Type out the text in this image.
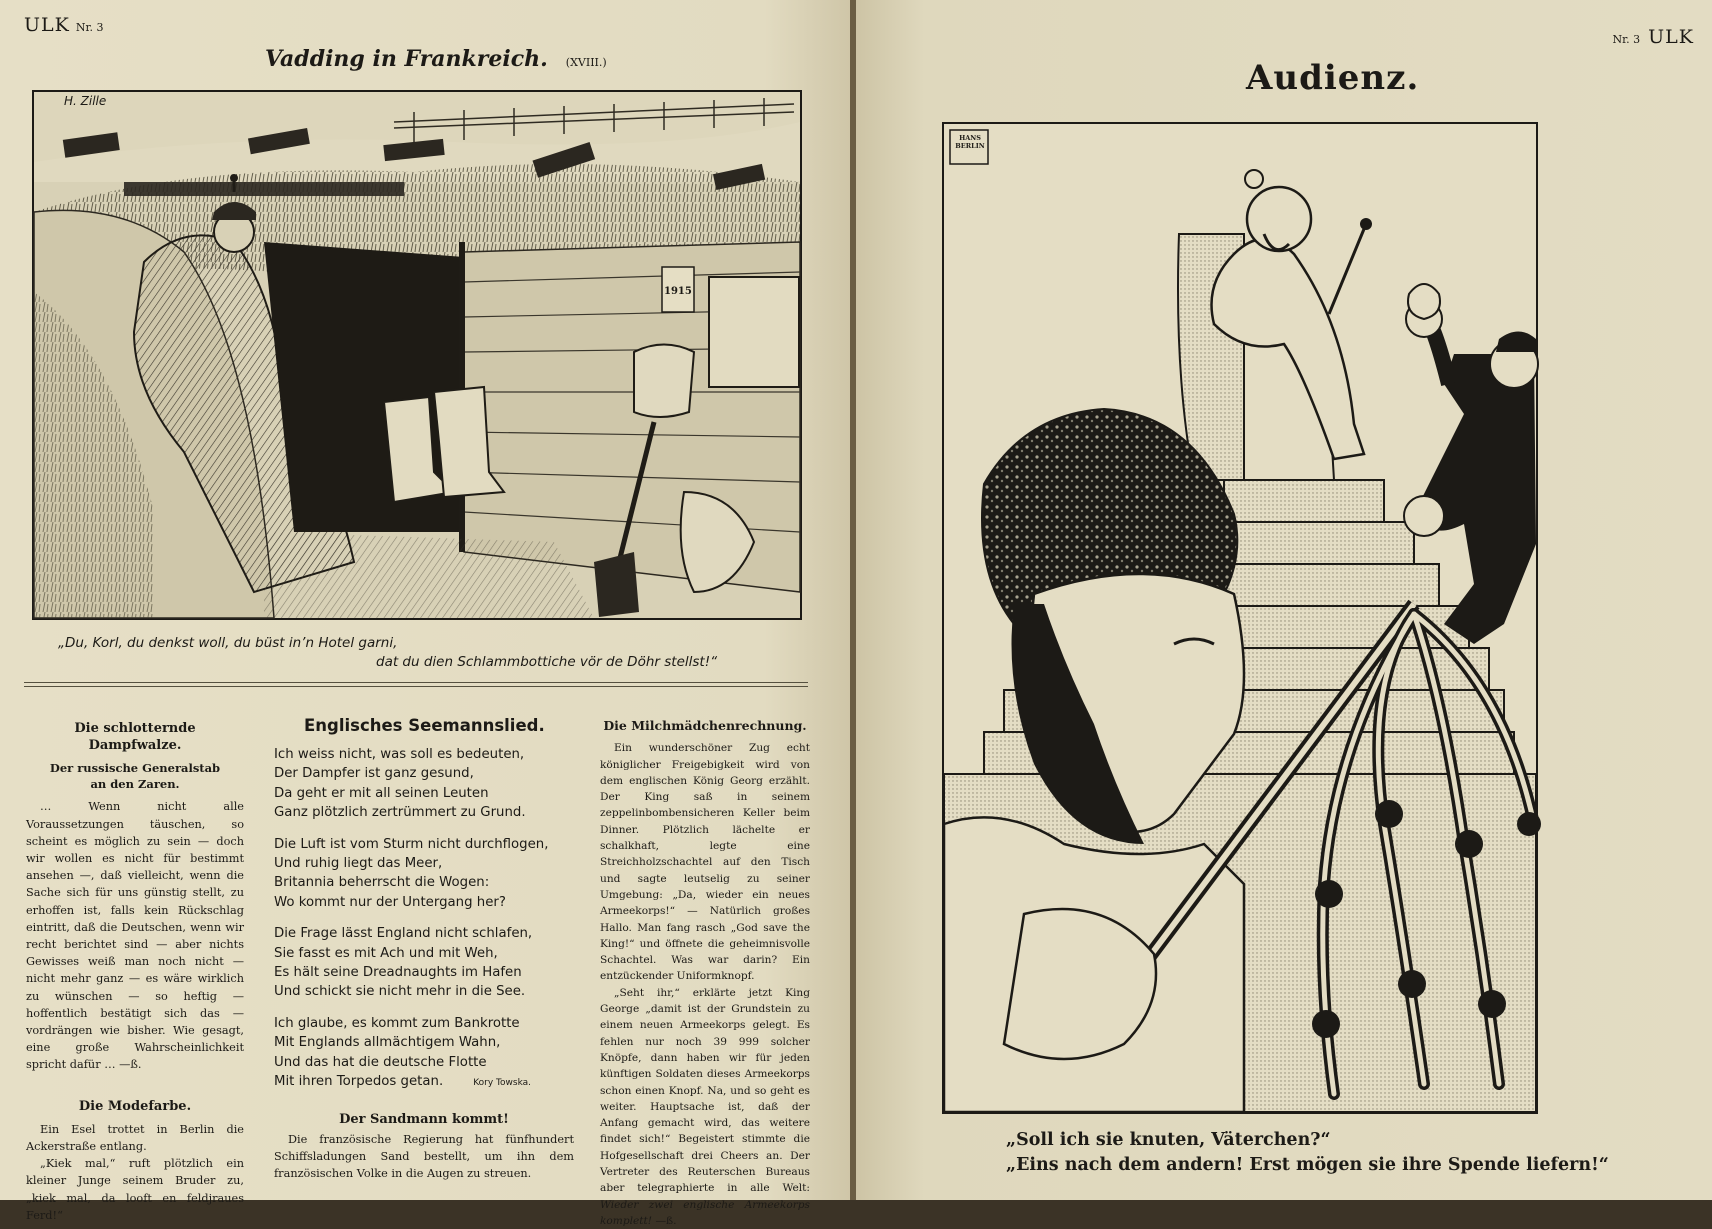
ULK Nr. 3
Vadding in Frankreich. (XVIII.)
H. Zille
1915
„Du, Korl, du denkst woll, du büst in’n Hotel garni,
dat du dien Schlammbottiche vör de Döhr stellst!“
Die schlotternde Dampfwalze.
Der russische Generalstab
an den Zaren.

… Wenn nicht alle Voraussetzungen täuschen, so scheint es möglich zu sein — doch wir wollen es nicht für bestimmt ansehen —, daß vielleicht, wenn die Sache sich für uns günstig stellt, zu erhoffen ist, falls kein Rückschlag eintritt, daß die Deutschen, wenn wir recht berichtet sind — aber nichts Gewisses weiß man noch nicht — nicht mehr ganz — es wäre wirklich zu wünschen — so heftig — hoffentlich bestätigt sich das — vordrängen wie bisher. Wie gesagt, eine große Wahrscheinlichkeit spricht dafür … —ß.

Die Modefarbe.

Ein Esel trottet in Berlin die Ackerstraße entlang.

„Kiek mal,“ ruft plötzlich ein kleiner Junge seinem Bruder zu, „kiek mal, da looft en feldjraues Ferd!“

Englisches Seemannslied.
Ich weiss nicht, was soll es bedeuten,
Der Dampfer ist ganz gesund,
Da geht er mit all seinen Leuten
Ganz plötzlich zertrümmert zu Grund.
Die Luft ist vom Sturm nicht durchflogen,
Und ruhig liegt das Meer,
Britannia beherrscht die Wogen:
Wo kommt nur der Untergang her?
Die Frage lässt England nicht schlafen,
Sie fasst es mit Ach und mit Weh,
Es hält seine Dreadnaughts im Hafen
Und schickt sie nicht mehr in die See.
Ich glaube, es kommt zum Bankrotte
Mit Englands allmächtigem Wahn,
Und das hat die deutsche Flotte
Mit ihren Torpedos getan.	Kory Towska.
Der Sandmann kommt!

Die französische Regierung hat fünfhundert Schiffsladungen Sand bestellt, um ihn dem französischen Volke in die Augen zu streuen.

Die Milchmädchenrechnung.

Ein wunderschöner Zug echt königlicher Freigebigkeit wird von dem englischen König Georg erzählt. Der King saß in seinem zeppelinbombensicheren Keller beim Dinner. Plötzlich lächelte er schalkhaft, legte eine Streichholzschachtel auf den Tisch und sagte leutselig zu seiner Umgebung: „Da, wieder ein neues Armeekorps!“ — Natürlich großes Hallo. Man fang rasch „God save the King!“ und öffnete die geheimnisvolle Schachtel. Was war darin? Ein entzückender Uniformknopf.

„Seht ihr,“ erklärte jetzt King George „damit ist der Grundstein zu einem neuen Armeekorps gelegt. Es fehlen nur noch 39 999 solcher Knöpfe, dann haben wir für jeden künftigen Soldaten dieses Armeekorps schon einen Knopf. Na, und so geht es weiter. Hauptsache ist, daß der Anfang gemacht wird, das weitere findet sich!“ Begeistert stimmte die Hofgesellschaft drei Cheers an. Der Vertreter des Reuterschen Bureaus aber telegraphierte in alle Welt: Wieder zwei englische Armeekorps komplett! —ß.

Nr. 3 ULK
Audienz.
HANS BERLIN
„Soll ich sie knuten, Väterchen?“
„Eins nach dem andern! Erst mögen sie ihre Spende liefern!“
